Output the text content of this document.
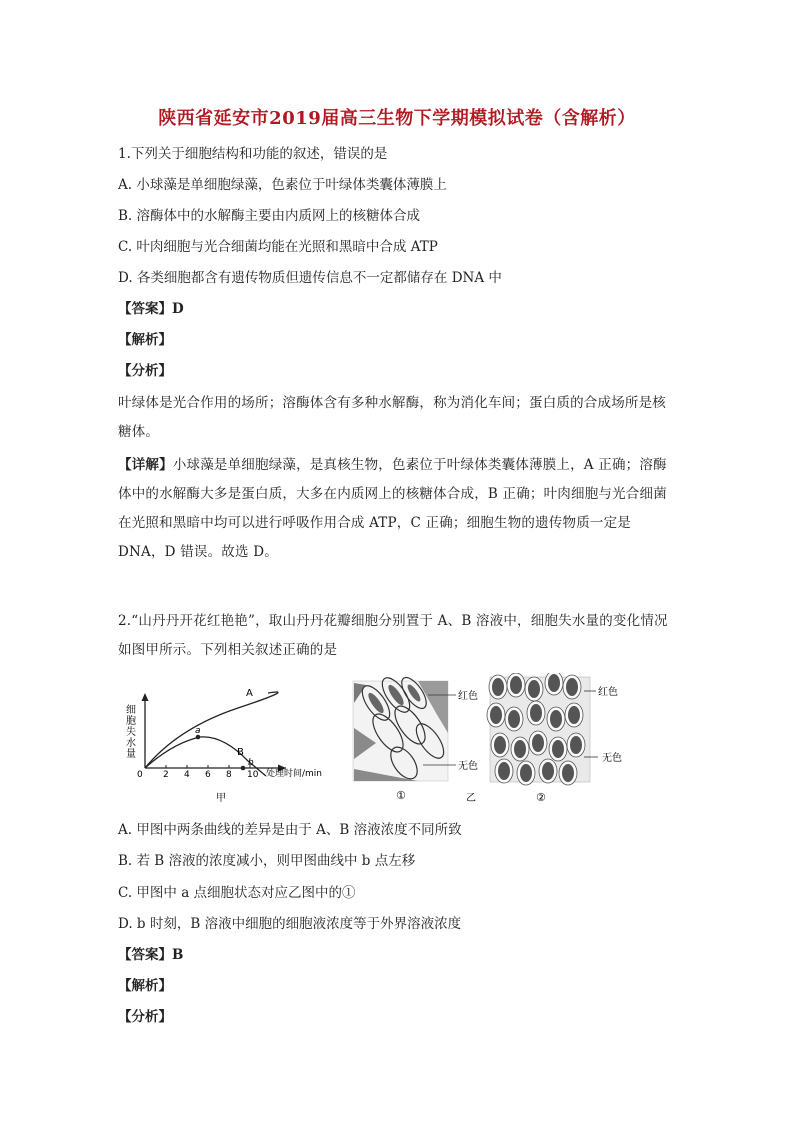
陕西省延安市2019届高三生物下学期模拟试卷（含解析）
1.下列关于细胞结构和功能的叙述，错误的是
A. 小球藻是单细胞绿藻，色素位于叶绿体类囊体薄膜上
B. 溶酶体中的水解酶主要由内质网上的核糖体合成
C. 叶肉细胞与光合细菌均能在光照和黑暗中合成 ATP
D. 各类细胞都含有遗传物质但遗传信息不一定都储存在 DNA 中
【答案】D
【解析】
【分析】
叶绿体是光合作用的场所；溶酶体含有多种水解酶，称为消化车间；蛋白质的合成场所是核糖体。
【详解】小球藻是单细胞绿藻，是真核生物，色素位于叶绿体类囊体薄膜上，A 正确；溶酶体中的水解酶大多是蛋白质，大多在内质网上的核糖体合成，B 正确；叶肉细胞与光合细菌在光照和黑暗中均可以进行呼吸作用合成 ATP，C 正确；细胞生物的遗传物质一定是 DNA，D 错误。故选 D。
2.“山丹丹开花红艳艳”，取山丹丹花瓣细胞分别置于 A、B 溶液中，细胞失水量的变化情况如图甲所示。下列相关叙述正确的是
A
B
a
b
0 2 4 6 8 10
细
胞
失
水
量
处理时间/min
甲	①
红色
无色
乙	②
红色
无色
A. 甲图中两条曲线的差异是由于 A、B 溶液浓度不同所致
B. 若 B 溶液的浓度减小，则甲图曲线中 b 点左移
C. 甲图中 a 点细胞状态对应乙图中的①
D. b 时刻，B 溶液中细胞的细胞液浓度等于外界溶液浓度
【答案】B
【解析】
【分析】
